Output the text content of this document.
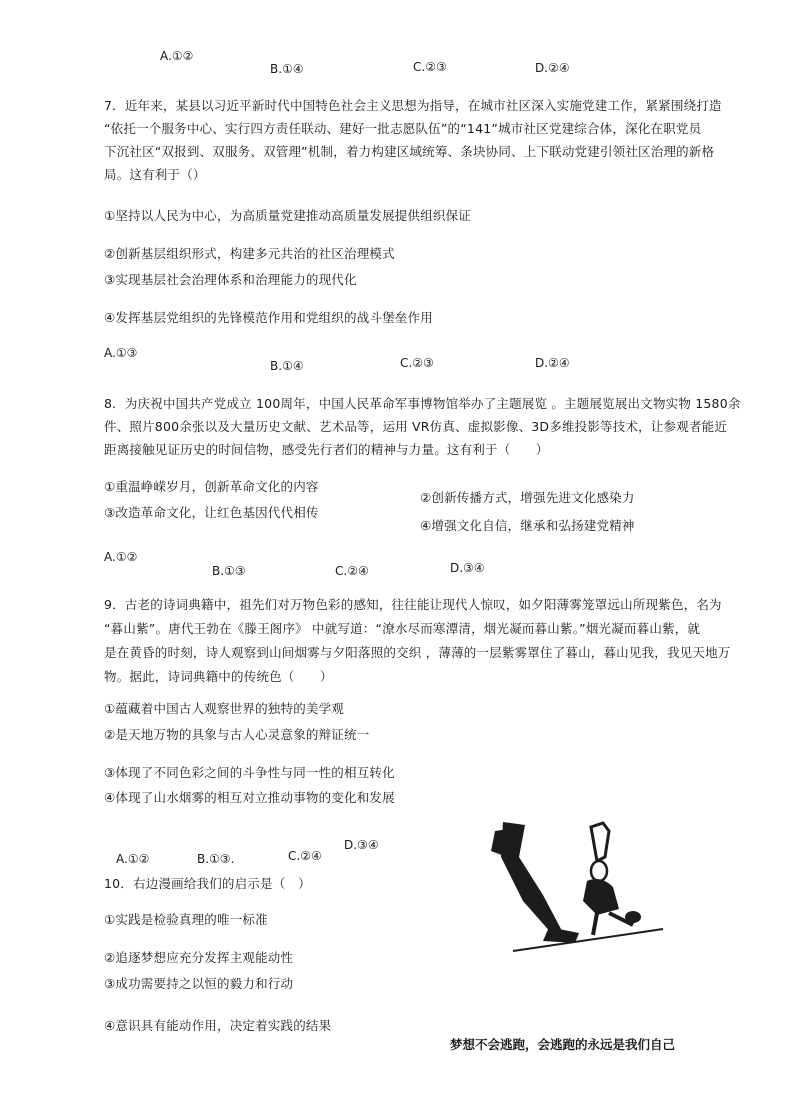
A.①②
B.①④	C.②③	D.②④
7．近年来，某县以习近平新时代中国特色社会主义思想为指导，在城市社区深入实施党建工作，紧紧围绕打造
“依托一个服务中心、实行四方责任联动、建好一批志愿队伍”的“141”城市社区党建综合体，深化在职党员
下沉社区“双报到、双服务、双管理”机制，着力构建区域统筹、条块协同、上下联动党建引领社区治理的新格
局。这有利于（）
①坚持以人民为中心，为高质量党建推动高质量发展提供组织保证
②创新基层组织形式，构建多元共治的社区治理模式
③实现基层社会治理体系和治理能力的现代化
④发挥基层党组织的先锋模范作用和党组织的战斗堡垒作用
A.①③
B.①④	C.②③	D.②④
8．为庆祝中国共产党成立 100周年，中国人民革命军事博物馆举办了主题展览 。主题展览展出文物实物 1580余
件、照片800余张以及大量历史文献、艺术品等，运用 VR仿真、虚拟影像、3D多维投影等技术，让参观者能近
距离接触见证历史的时间信物，感受先行者们的精神与力量。这有利于（　　）
①重温峥嵘岁月，创新革命文化的内容
②创新传播方式，增强先进文化感染力
③改造革命文化，让红色基因代代相传
④增强文化自信，继承和弘扬建党精神
A.①②
B.①③	C.②④	D.③④
9．古老的诗词典籍中，祖先们对万物色彩的感知，往往能让现代人惊叹，如夕阳薄雾笼罩远山所现紫色，名为
“暮山紫”。唐代王勃在《滕王阁序》 中就写道：“潦水尽而寒潭清，烟光凝而暮山紫。”烟光凝而暮山紫，就
是在黄昏的时刻，诗人观察到山间烟雾与夕阳落照的交织 ，薄薄的一层紫雾罩住了暮山，暮山见我，我见天地万
物。据此，诗词典籍中的传统色（　　）
①蕴藏着中国古人观察世界的独特的美学观
②是天地万物的具象与古人心灵意象的辩证统一
③体现了不同色彩之间的斗争性与同一性的相互转化
④体现了山水烟雾的相互对立推动事物的变化和发展
A.①②	B.①③.	C.②④
D.③④
10．右边漫画给我们的启示是（　）
①实践是检验真理的唯一标准
②追逐梦想应充分发挥主观能动性
③成功需要持之以恒的毅力和行动
④意识具有能动作用，决定着实践的结果
梦想不会逃跑，会逃跑的永远是我们自己
